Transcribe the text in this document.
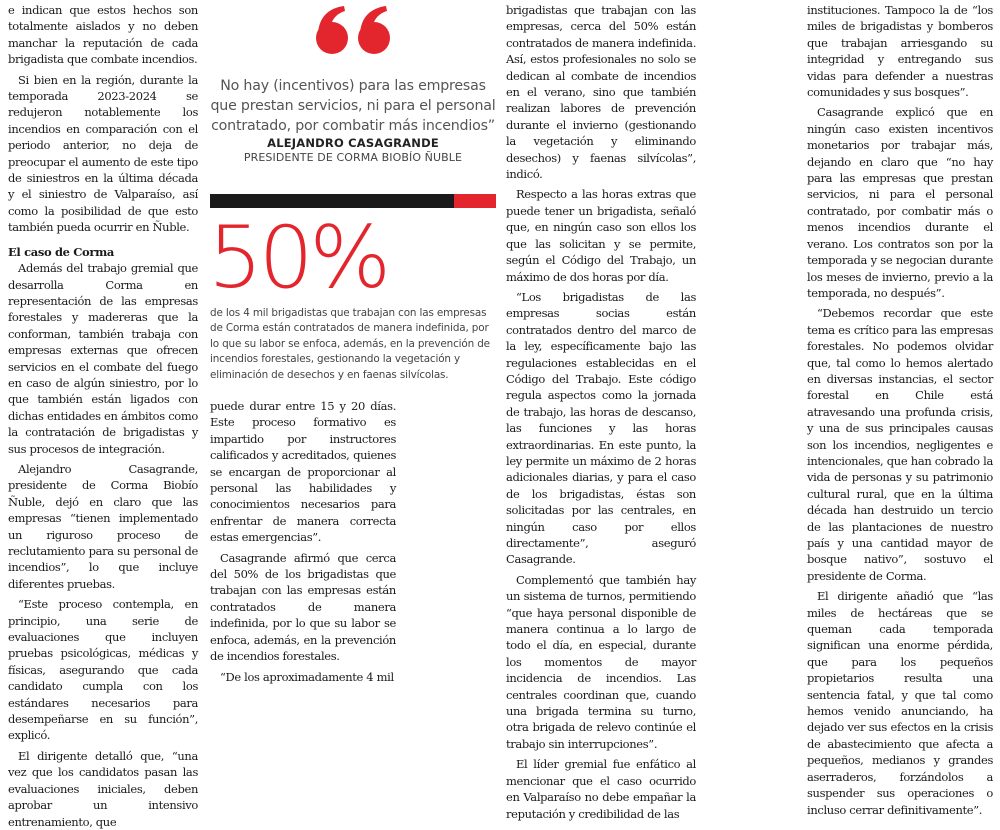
e indican que estos hechos son totalmente aislados y no deben manchar la reputación de cada brigadista que combate incendios.

Si bien en la región, durante la temporada 2023-2024 se redujeron notablemente los incendios en comparación con el periodo anterior, no deja de preocupar el aumento de este tipo de siniestros en la última década y el siniestro de Valparaíso, así como la posibilidad de que esto también pueda ocurrir en Ñuble.

El caso de Corma

Además del trabajo gremial que desarrolla Corma en representación de las empresas forestales y madereras que la conforman, también trabaja con empresas externas que ofrecen servicios en el combate del fuego en caso de algún siniestro, por lo que también están ligados con dichas entidades en ámbitos como la contratación de brigadistas y sus procesos de integración.

Alejandro Casagrande, presidente de Corma Biobío Ñuble, dejó en claro que las empresas “tienen implementado un riguroso proceso de reclutamiento para su personal de incendios”, lo que incluye diferentes pruebas.

“Este proceso contempla, en principio, una serie de evaluaciones que incluyen pruebas psicológicas, médicas y físicas, asegurando que cada candidato cumpla con los estándares necesarios para desempeñarse en su función”, explicó.

El dirigente detalló que, “una vez que los candidatos pasan las evaluaciones iniciales, deben aprobar un intensivo entrenamiento, que

No hay (incentivos) para las empresas que prestan servicios, ni para el personal contratado, por combatir más incendios”
ALEJANDRO CASAGRANDE
PRESIDENTE DE CORMA BIOBÍO ÑUBLE
50%
de los 4 mil brigadistas que trabajan con las empresas de Corma están contratados de manera indefinida, por lo que su labor se enfoca, además, en la prevención de incendios forestales, gestionando la vegetación y eliminación de desechos y en faenas silvícolas.

puede durar entre 15 y 20 días. Este proceso formativo es impartido por instructores calificados y acreditados, quienes se encargan de proporcionar al personal las habilidades y conocimientos necesarios para enfrentar de manera correcta estas emergencias”.

Casagrande afirmó que cerca del 50% de los brigadistas que trabajan con las empresas están contratados de manera indefinida, por lo que su labor se enfoca, además, en la prevención de incendios forestales.

“De los aproximadamente 4 mil

brigadistas que trabajan con las empresas, cerca del 50% están contratados de manera indefinida. Así, estos profesionales no solo se dedican al combate de incendios en el verano, sino que también realizan labores de prevención durante el invierno (gestionando la vegetación y eliminando desechos) y faenas silvícolas”, indicó.

Respecto a las horas extras que puede tener un brigadista, señaló que, en ningún caso son ellos los que las solicitan y se permite, según el Código del Trabajo, un máximo de dos horas por día.

“Los brigadistas de las empresas socias están contratados dentro del marco de la ley, específicamente bajo las regulaciones establecidas en el Código del Trabajo. Este código regula aspectos como la jornada de trabajo, las horas de descanso, las funciones y las horas extraordinarias. En este punto, la ley permite un máximo de 2 horas adicionales diarias, y para el caso de los brigadistas, éstas son solicitadas por las centrales, en ningún caso por ellos directamente”, aseguró Casagrande.

Complementó que también hay un sistema de turnos, permitiendo “que haya personal disponible de manera continua a lo largo de todo el día, en especial, durante los momentos de mayor incidencia de incendios. Las centrales coordinan que, cuando una brigada termina su turno, otra brigada de relevo continúe el trabajo sin interrupciones”.

El líder gremial fue enfático al mencionar que el caso ocurrido en Valparaíso no debe empañar la reputación y credibilidad de las

instituciones. Tampoco la de “los miles de brigadistas y bomberos que trabajan arriesgando su integridad y entregando sus vidas para defender a nuestras comunidades y sus bosques”.

Casagrande explicó que en ningún caso existen incentivos monetarios por trabajar más, dejando en claro que “no hay para las empresas que prestan servicios, ni para el personal contratado, por combatir más o menos incendios durante el verano. Los contratos son por la temporada y se negocian durante los meses de invierno, previo a la temporada, no después”.

“Debemos recordar que este tema es crítico para las empresas forestales. No podemos olvidar que, tal como lo hemos alertado en diversas instancias, el sector forestal en Chile está atravesando una profunda crisis, y una de sus principales causas son los incendios, negligentes e intencionales, que han cobrado la vida de personas y su patrimonio cultural rural, que en la última década han destruido un tercio de las plantaciones de nuestro país y una cantidad mayor de bosque nativo”, sostuvo el presidente de Corma.

El dirigente añadió que “las miles de hectáreas que se queman cada temporada significan una enorme pérdida, que para los pequeños propietarios resulta una sentencia fatal, y que tal como hemos venido anunciando, ha dejado ver sus efectos en la crisis de abastecimiento que afecta a pequeños, medianos y grandes aserraderos, forzándolos a suspender sus operaciones o incluso cerrar definitivamente”.
